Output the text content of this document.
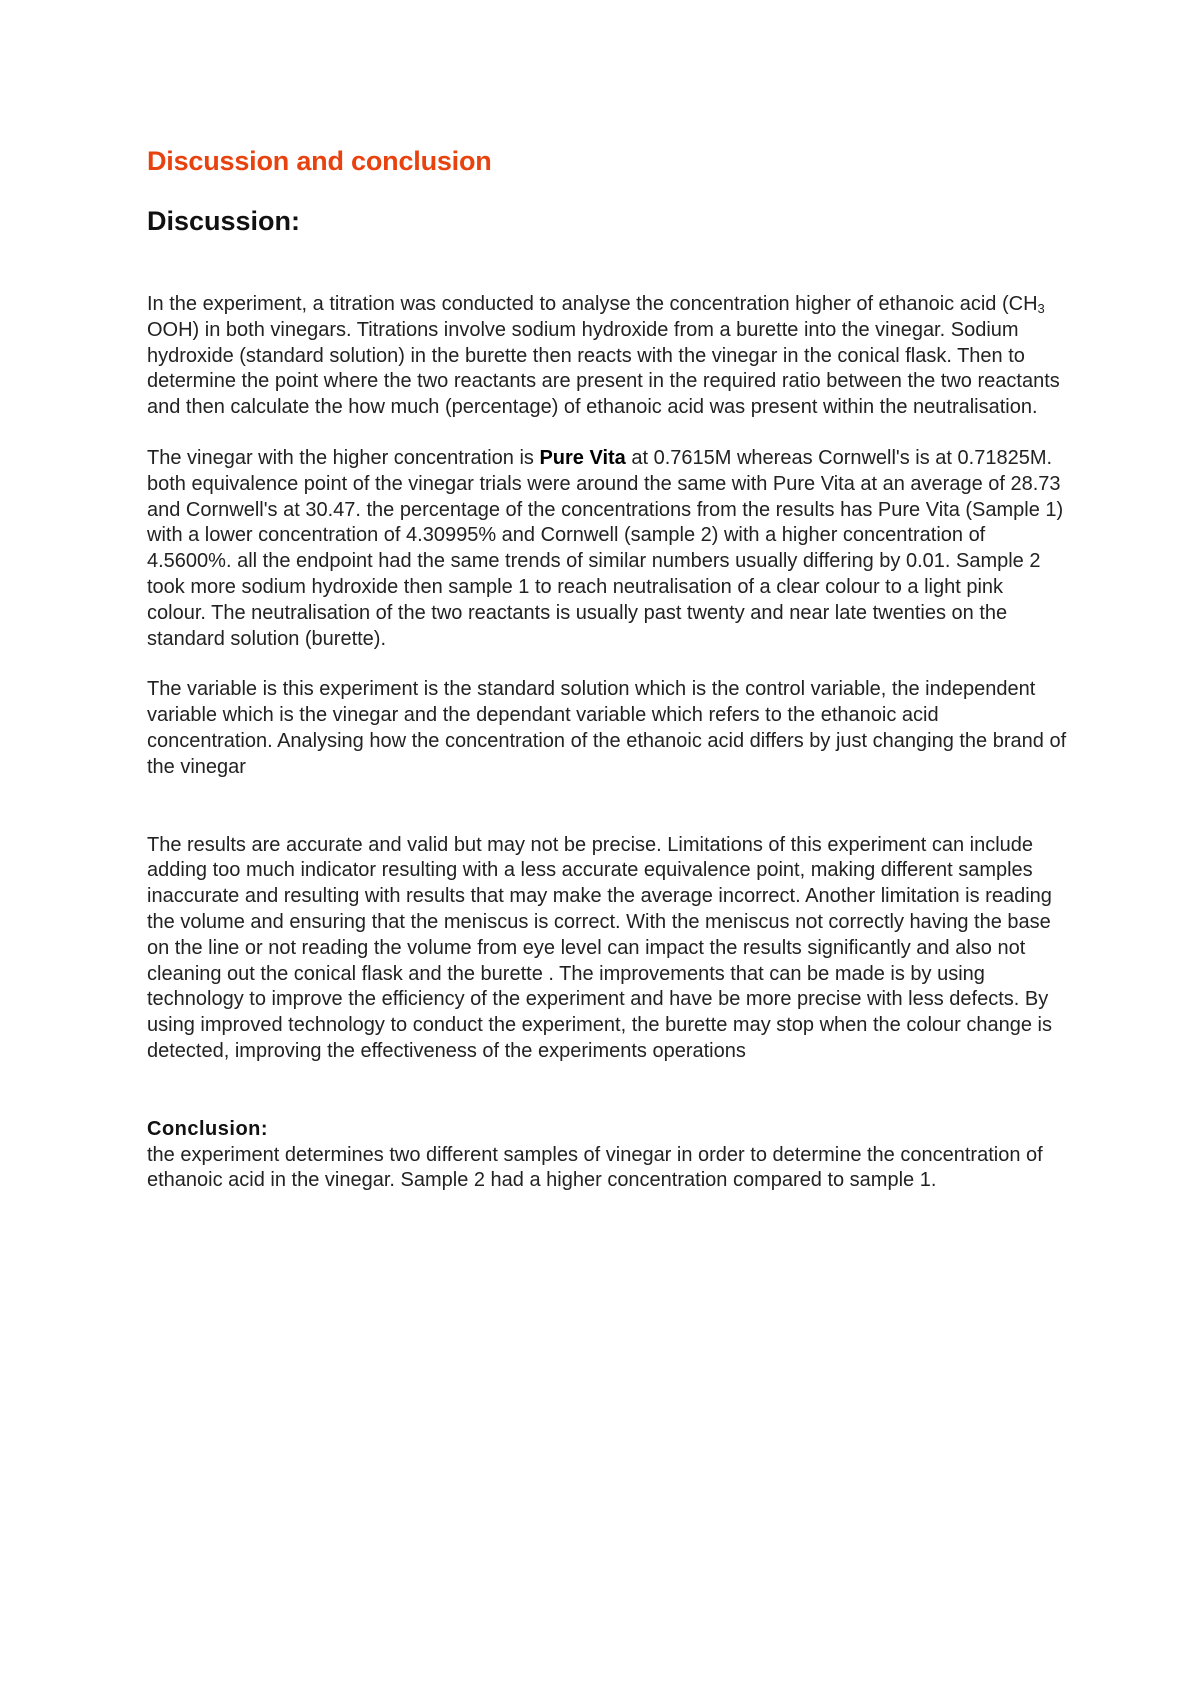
Discussion and conclusion
Discussion:

In the experiment, a titration was conducted to analyse the concentration higher of ethanoic acid ($CH_3$ OOH) in both vinegars. Titrations involve sodium hydroxide from a burette into the vinegar. Sodium hydroxide (standard solution) in the burette then reacts with the vinegar in the conical flask. Then to determine the point where the two reactants are present in the required ratio between the two reactants and then calculate the how much (percentage) of ethanoic acid was present within the neutralisation.

The vinegar with the higher concentration is Pure Vita at 0.7615M whereas Cornwell's is at 0.71825M. both equivalence point of the vinegar trials were around the same with Pure Vita at an average of 28.73 and Cornwell's at 30.47. the percentage of the concentrations from the results has Pure Vita (Sample 1) with a lower concentration of 4.30995% and Cornwell (sample 2) with a higher concentration of 4.5600%. all the endpoint had the same trends of similar numbers usually differing by 0.01. Sample 2 took more sodium hydroxide then sample 1 to reach neutralisation of a clear colour to a light pink colour. The neutralisation of the two reactants is usually past twenty and near late twenties on the standard solution (burette).

The variable is this experiment is the standard solution which is the control variable, the independent variable which is the vinegar and the dependant variable which refers to the ethanoic acid concentration. Analysing how the concentration of the ethanoic acid differs by just changing the brand of the vinegar

The results are accurate and valid but may not be precise. Limitations of this experiment can include adding too much indicator resulting with a less accurate equivalence point, making different samples inaccurate and resulting with results that may make the average incorrect. Another limitation is reading the volume and ensuring that the meniscus is correct. With the meniscus not correctly having the base on the line or not reading the volume from eye level can impact the results significantly and also not cleaning out the conical flask and the burette . The improvements that can be made is by using technology to improve the efficiency of the experiment and have be more precise with less defects. By using improved technology to conduct the experiment, the burette may stop when the colour change is detected, improving the effectiveness of the experiments operations

Conclusion:

the experiment determines two different samples of vinegar in order to determine the concentration of ethanoic acid in the vinegar. Sample 2 had a higher concentration compared to sample 1.
